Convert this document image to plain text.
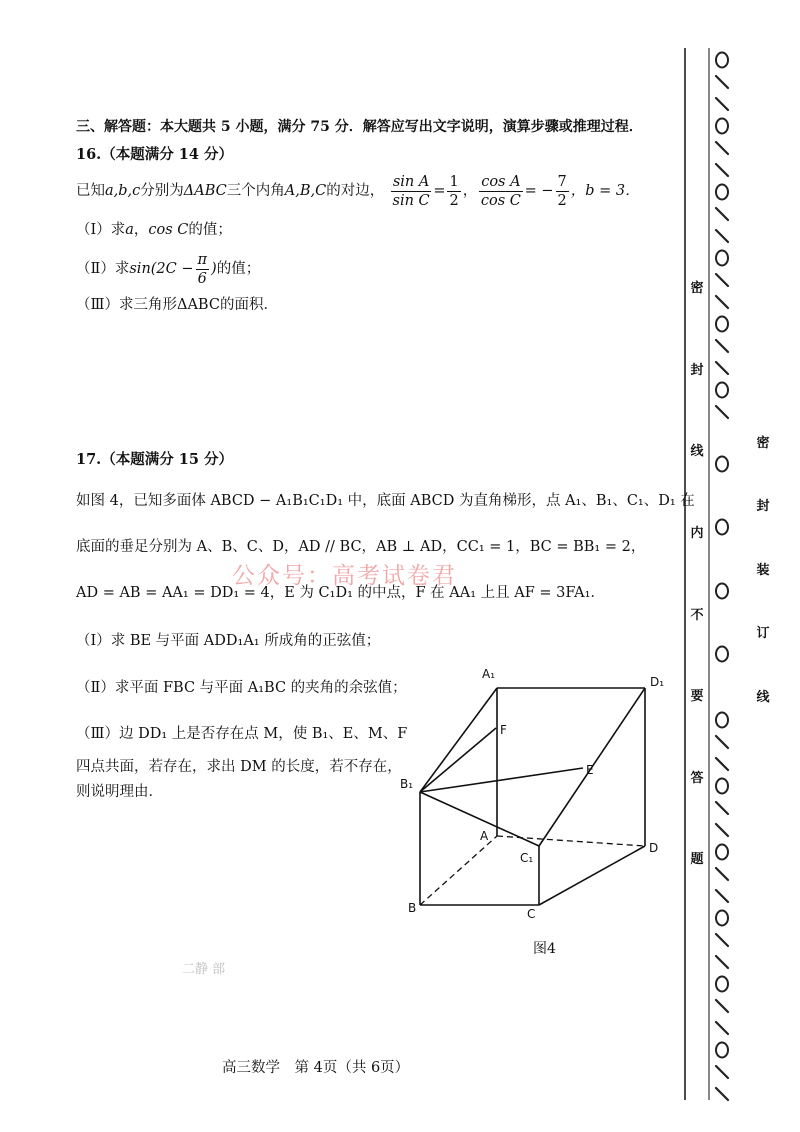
三、解答题：本大题共 5 小题，满分 75 分．解答应写出文字说明，演算步骤或推理过程．
16.（本题满分 14 分）
已知a,b,c分别为ΔABC三个内角A,B,C的对边， $\frac{\text{sin A}}{\text{sin C}} = \frac{1}{2}$ ， $\frac{\text{cos A}}{\text{cos C}}$ = − $\frac{7}{2}$ ，b = 3．
（Ⅰ）求a，cos C的值；
（Ⅱ）求$\sin(2C - \frac{\pi}{6}$ )的值；
（Ⅲ）求三角形ΔABC的面积．
17.（本题满分 15 分）
如图 4，已知多面体 ABCD − A₁B₁C₁D₁ 中，底面 ABCD 为直角梯形，点 A₁、B₁、C₁、D₁ 在
底面的垂足分别为 A、B、C、D，AD // BC，AB ⊥ AD，CC₁ = 1，BC = BB₁ = 2，
AD = AB = AA₁ = DD₁ = 4，E 为 C₁D₁ 的中点，F 在 AA₁ 上且 AF = 3FA₁．
（Ⅰ）求 BE 与平面 ADD₁A₁ 所成角的正弦值；
（Ⅱ）求平面 FBC 与平面 A₁BC 的夹角的余弦值；
（Ⅲ）边 DD₁ 上是否存在点 M，使 B₁、E、M、F
四点共面，若存在，求出 DM 的长度，若不存在，
则说明理由．
公众号：高考试卷君
A₁
D₁
F
E
B₁
A
C₁
D
B	C
图4
二静 部
高三数学　第 4页（共 6页）
密
封
线
内
不
要
答
题
密
封
装
订
线
